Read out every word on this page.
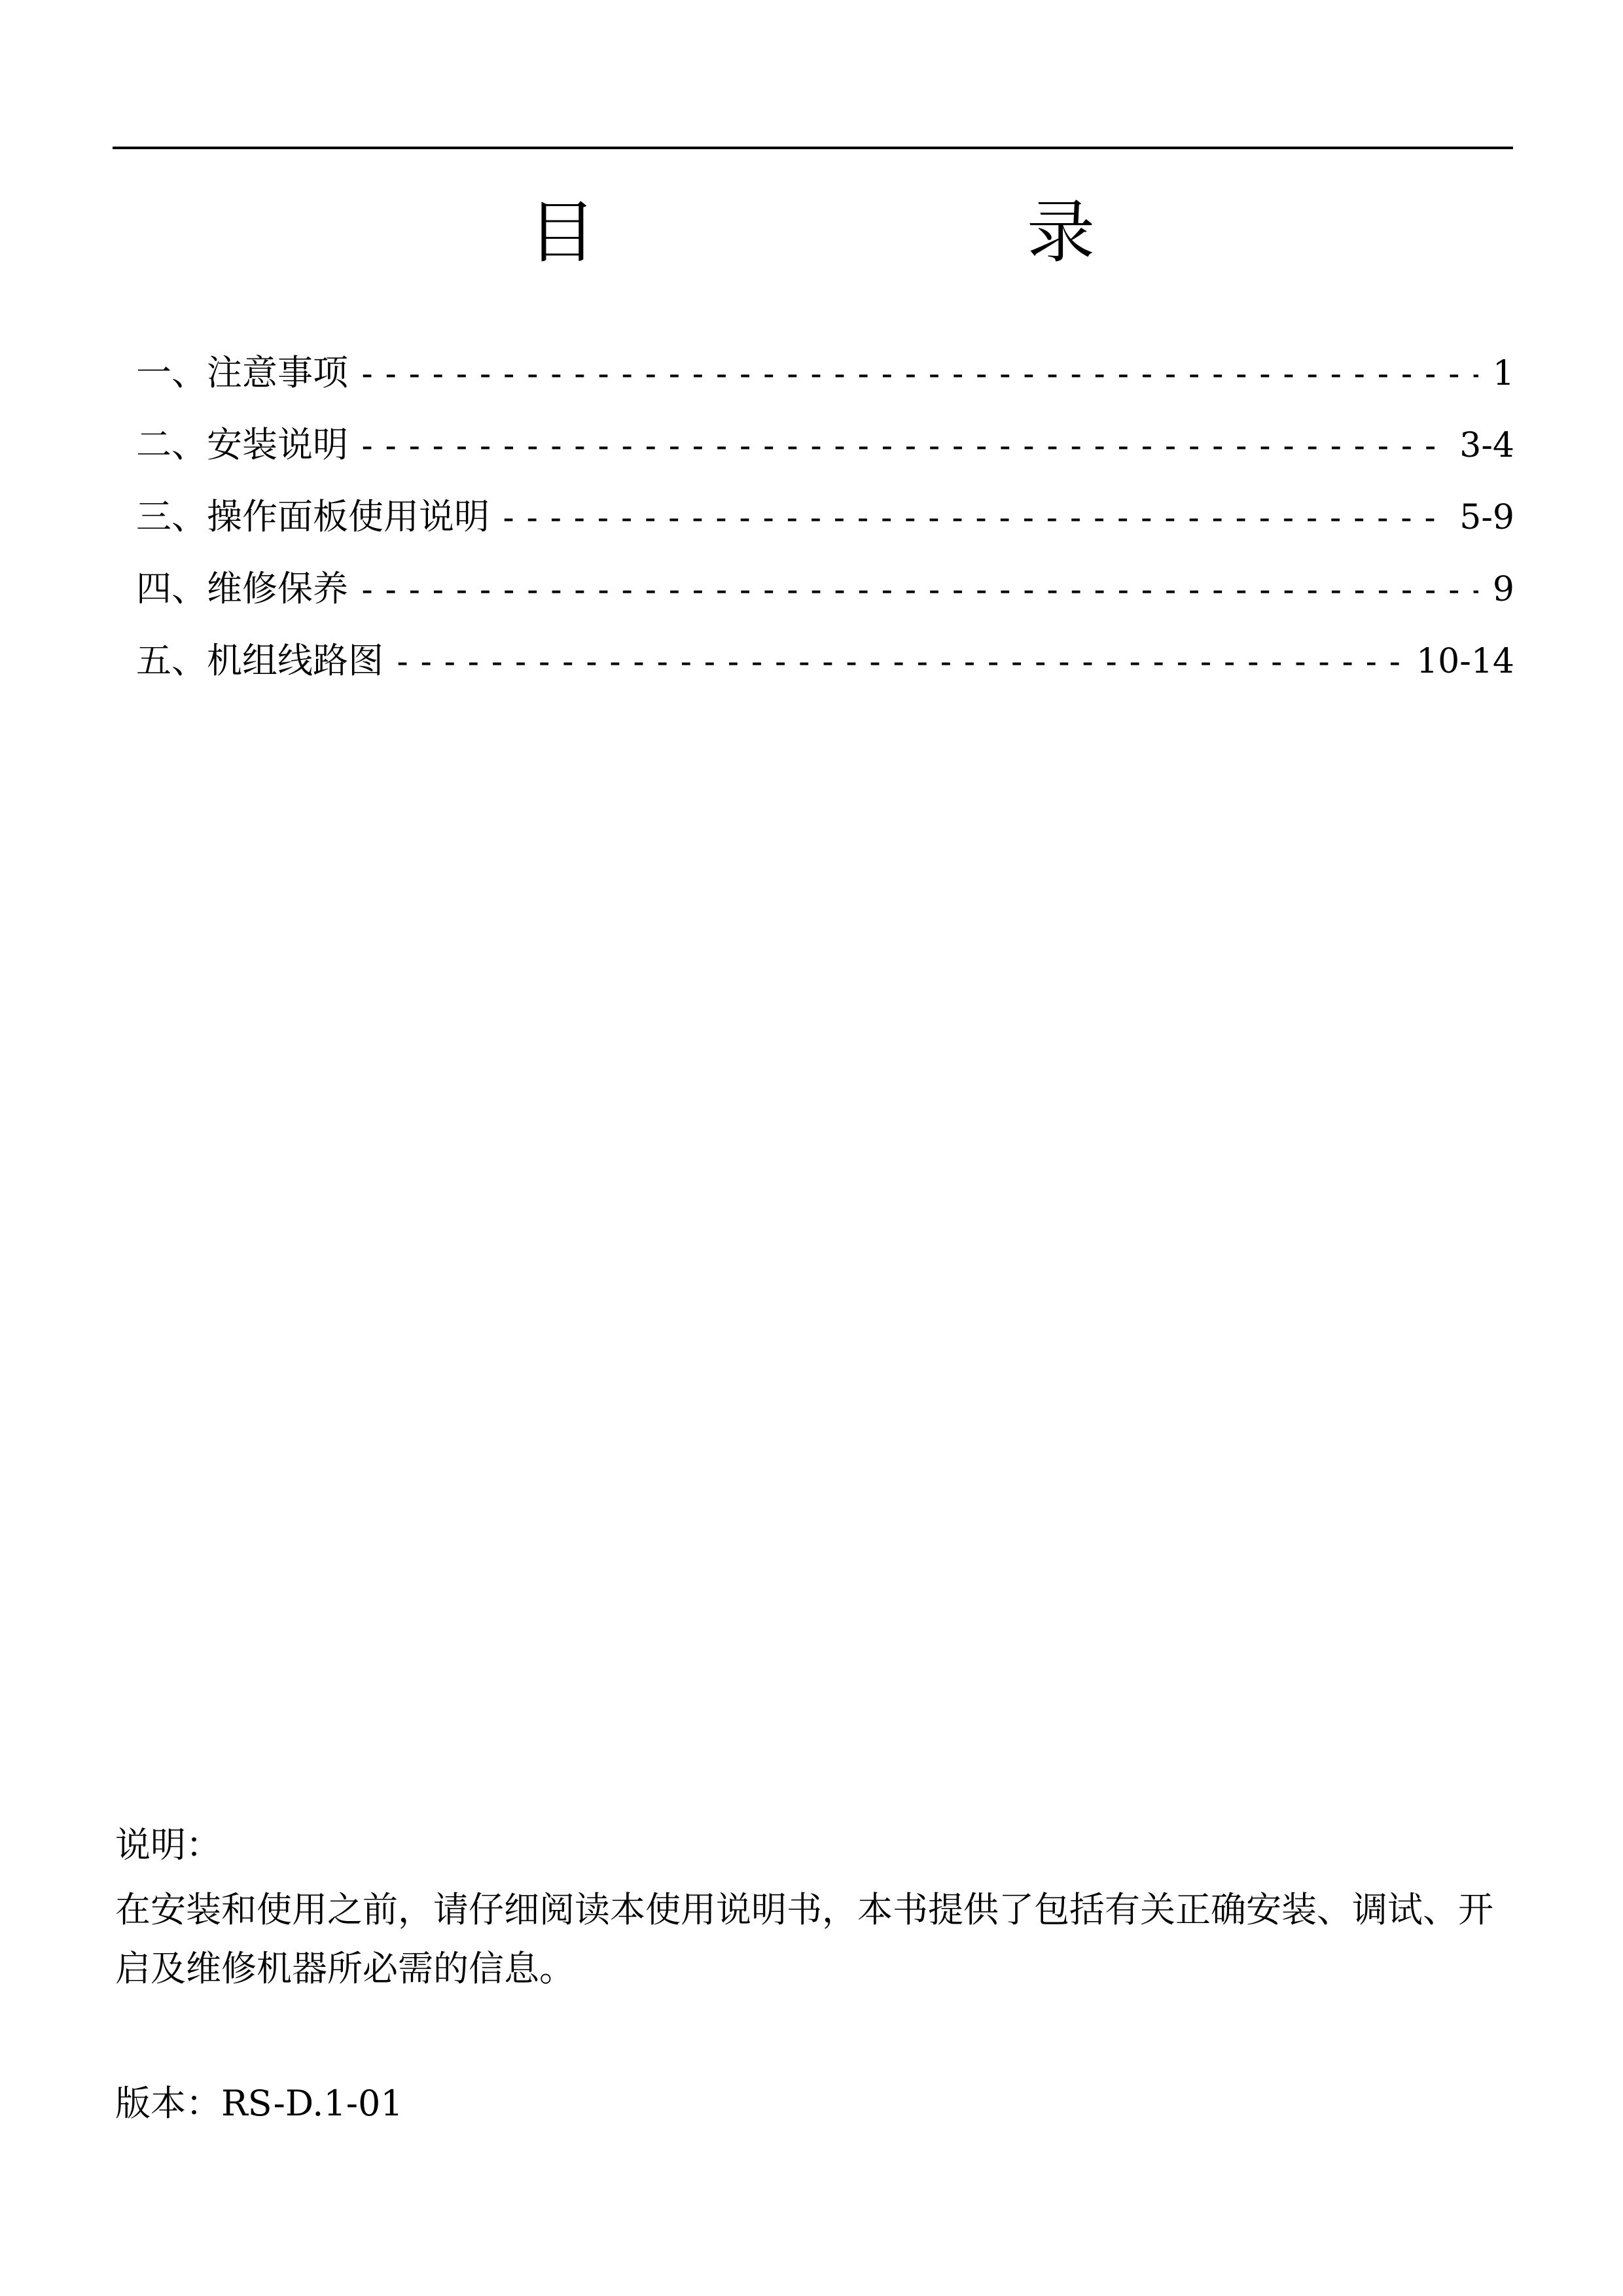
目　　录
一、注意事项 -----	1
二、安装说明 -----	3-4
三、操作面板使用说明 -----	5-9
四、维修保养 -----	9
五、机组线路图 -----	10-14

说明：

在安装和使用之前，请仔细阅读本使用说明书，本书提供了包括有关正确安装、调试、开启及维修机器所必需的信息。

版本：RS-D.1-01
